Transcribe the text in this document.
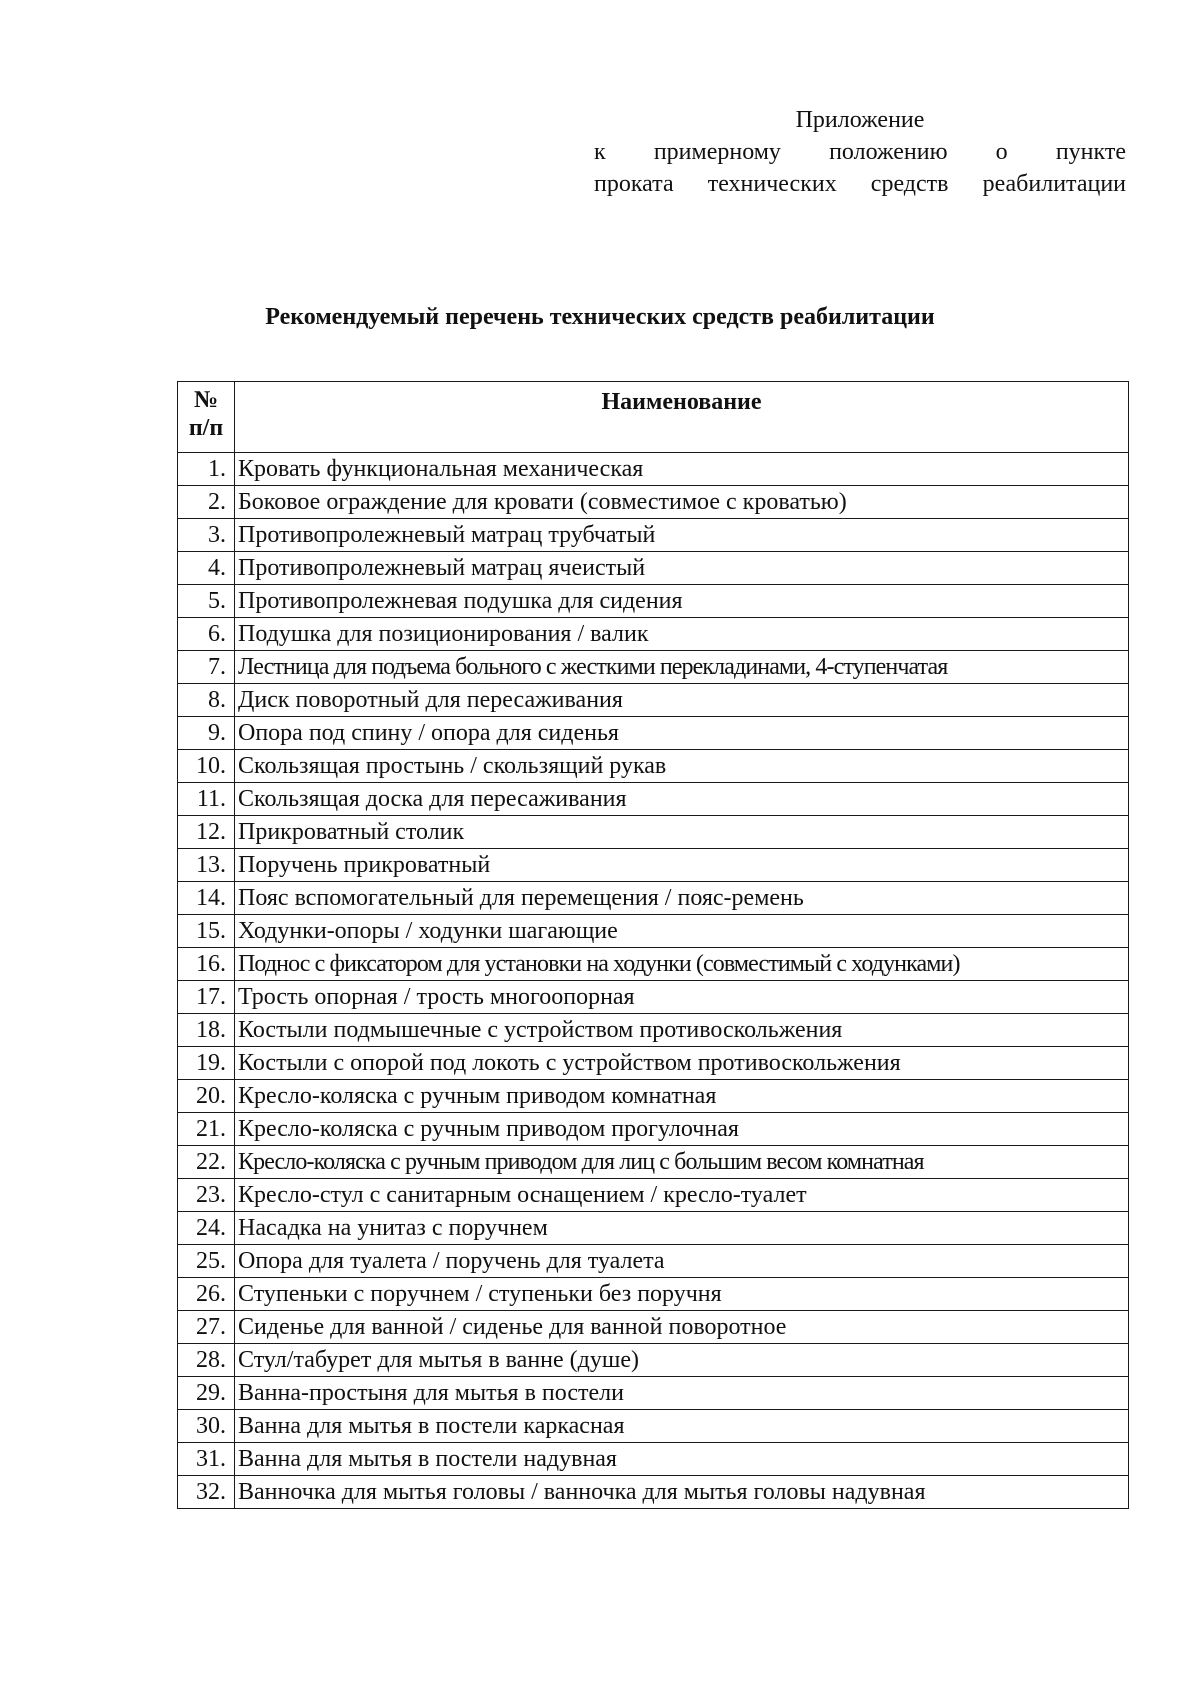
Приложение
к примерному положению о пункте
проката технических средств реабилитации
Рекомендуемый перечень технических средств реабилитации
№
п/п	Наименование
1.	Кровать функциональная механическая
2.	Боковое ограждение для кровати (совместимое с кроватью)
3.	Противопролежневый матрац трубчатый
4.	Противопролежневый матрац ячеистый
5.	Противопролежневая подушка для сидения
6.	Подушка для позиционирования / валик
7.	Лестница для подъема больного с жесткими перекладинами, 4-ступенчатая
8.	Диск поворотный для пересаживания
9.	Опора под спину / опора для сиденья
10.	Скользящая простынь / скользящий рукав
11.	Скользящая доска для пересаживания
12.	Прикроватный столик
13.	Поручень прикроватный
14.	Пояс вспомогательный для перемещения / пояс-ремень
15.	Ходунки-опоры / ходунки шагающие
16.	Поднос с фиксатором для установки на ходунки (совместимый с ходунками)
17.	Трость опорная / трость многоопорная
18.	Костыли подмышечные с устройством противоскольжения
19.	Костыли с опорой под локоть с устройством противоскольжения
20.	Кресло-коляска с ручным приводом комнатная
21.	Кресло-коляска с ручным приводом прогулочная
22.	Кресло-коляска с ручным приводом для лиц с большим весом комнатная
23.	Кресло-стул с санитарным оснащением / кресло-туалет
24.	Насадка на унитаз с поручнем
25.	Опора для туалета / поручень для туалета
26.	Ступеньки с поручнем / ступеньки без поручня
27.	Сиденье для ванной / сиденье для ванной поворотное
28.	Стул/табурет для мытья в ванне (душе)
29.	Ванна-простыня для мытья в постели
30.	Ванна для мытья в постели каркасная
31.	Ванна для мытья в постели надувная
32.	Ванночка для мытья головы / ванночка для мытья головы надувная
